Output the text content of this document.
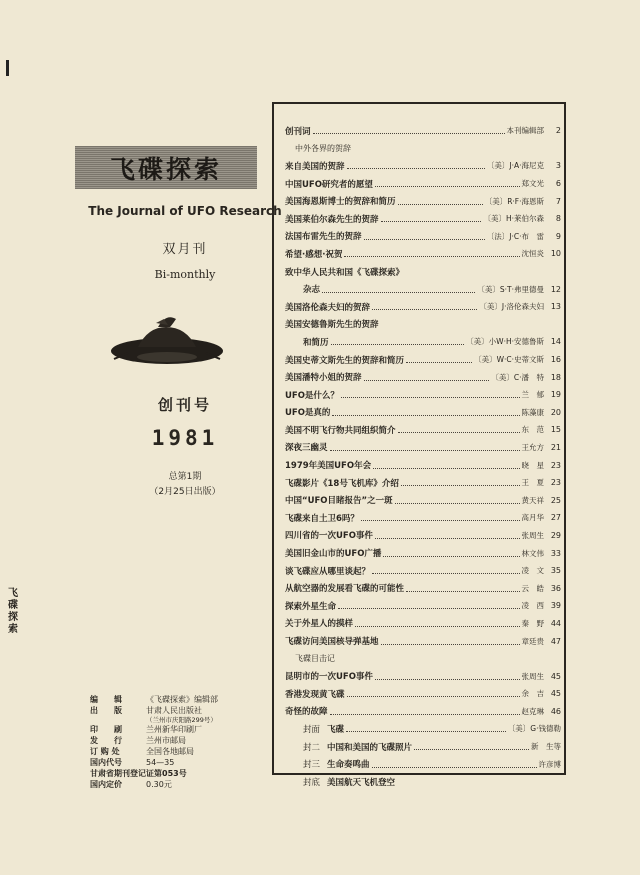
飞碟探索
飞碟探索
The Journal of UFO Research
双月刊
Bi-monthly
创刊号
1981
总第1期
（2月25日出版）
编　　辑	《飞碟探索》编辑部
出　　版	甘肃人民出版社
（兰州市庆阳路299号）
印　　刷	兰州新华印刷厂
发　　行	兰州市邮局
订 购 处	全国各地邮局
国内代号	54—35
甘肃省期刊登记证第053号
国内定价	0.30元
创刊词	本刊编辑部	2
中外各界的贺辞
来自美国的贺辞	〔美〕J·A·海尼克	3
中国UFO研究者的愿望	郑文光	6
美国海恩斯博士的贺辞和简历	〔美〕R·F·海恩斯	7
美国莱伯尔森先生的贺辞	〔美〕H·莱伯尔森	8
法国布雷先生的贺辞	〔法〕J·C·布　雷	9
希望·感想·祝贺	沈恒炎 10
致中华人民共和国《飞碟探索》
杂志	〔美〕S·T·弗里德曼 12
美国洛伦森夫妇的贺辞	〔美〕J·洛伦森夫妇 13
美国安德鲁斯先生的贺辞
和简历	〔美〕小W·H·安德鲁斯 14
美国史蒂文斯先生的贺辞和简历	〔美〕W·C·史蒂文斯 16
美国潘特小姐的贺辞	〔美〕C·潘　特 18
UFO是什么？	兰　郁 19
UFO是真的	陈藻康 20
美国不明飞行物共同组织简介	东　范 15
深夜三幽灵	王允方 21
1979年美国UFO年会	晓　星 23
飞碟影片《18号飞机库》介绍	王　夏 23
中国“UFO目睹报告”之一斑	黄天祥 25
飞碟来自土卫6吗？	高月华 27
四川省的一次UFO事件	张周生 29
美国旧金山市的UFO广播	林文伟 33
谈飞碟应从哪里谈起？	凌　文 35
从航空器的发展看飞碟的可能性	云　皓 36
探索外星生命	凌　西 39
关于外星人的摸样	秦　野 44
飞碟访问美国核导弹基地	章廷贵 47
飞碟目击记
昆明市的一次UFO事件	张周生 45
香港发现黄飞碟	余　吉 45
奇怪的故障	赵克琳 46
封面 飞碟	〔美〕G·钱德勒
封二 中国和美国的飞碟照片	新　生等
封三 生命奏鸣曲	许彦博
封底 美国航天飞机登空
